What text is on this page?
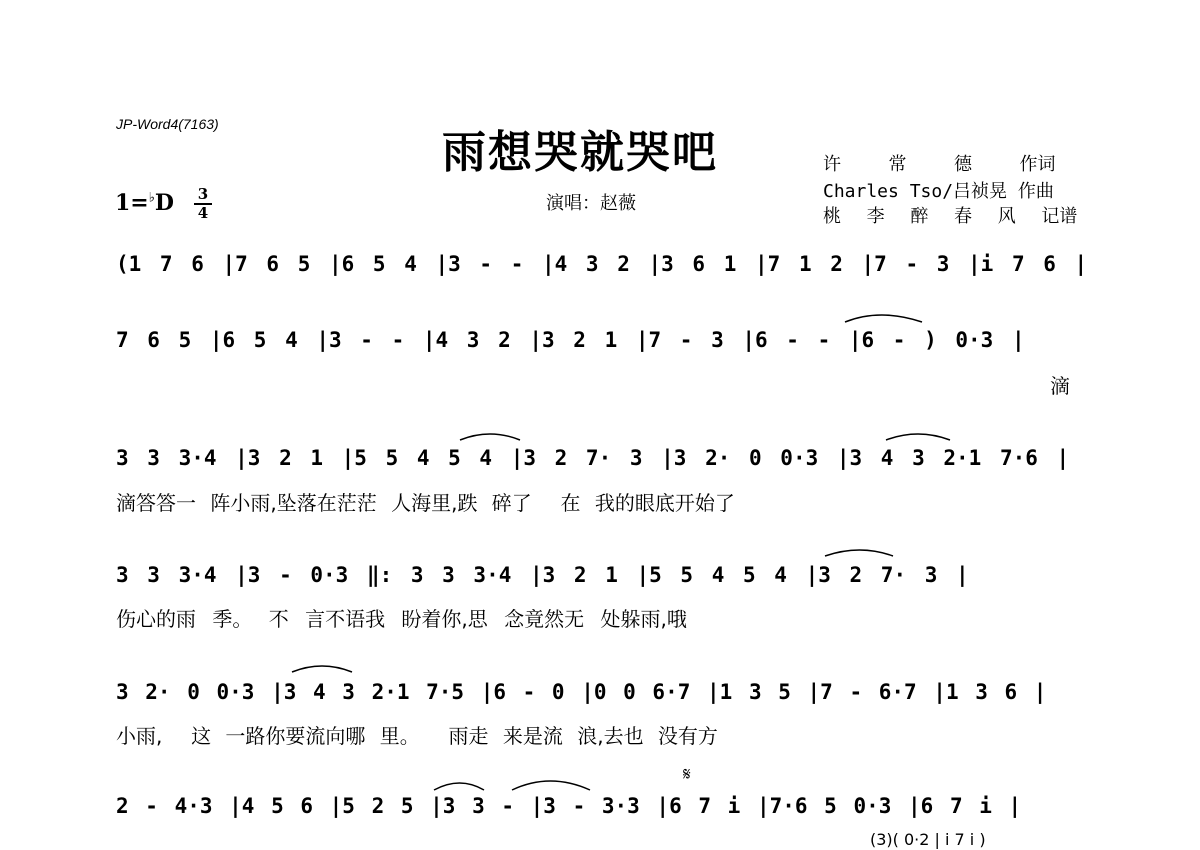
JP-Word4(7163)
雨想哭就哭吧
1=♭D 3
4	演唱：赵薇
许	常	德	作词
Charles Tso/吕祯晃 作曲
桃	李	醉	春	风	记谱
(1 7 6 |7 6 5 |6 5 4 |3 - - |4 3 2 |3 6 1 |7 1 2 |7 - 3 |i 7 6 |
7 6 5 |6 5 4 |3 - - |4 3 2 |3 2 1 |7 - 3 |6 - - |6 - ) 0·3 |
滴
3 3 3·4 |3 2 1 |5 5 4 5 4 |3 2 7· 3 |3 2· 0 0·3 |3 4 3 2·1 7·6 |
滴答答一 阵小雨,坠落在茫茫 人海里,跌 碎了  在 我的眼底开始了
3 3 3·4 |3 - 0·3 ‖: 3 3 3·4 |3 2 1 |5 5 4 5 4 |3 2 7· 3 |
伤心的雨 季。 不 言不语我 盼着你,思 念竟然无 处躲雨,哦
3 2· 0 0·3 |3 4 3 2·1 7·5 |6 - 0 |0 0 6·7 |1 3 5 |7 - 6·7 |1 3 6 |
小雨,  这 一路你要流向哪 里。  雨走 来是流 浪,去也 没有方
2 - 4·3 |4 5 6 |5 2 5 |3 3 - |3 - 3·3 |6 7 i |7·6 5 0·3 |6 7 i |
(3)( 0·2 | i 7 i )
𝄋
